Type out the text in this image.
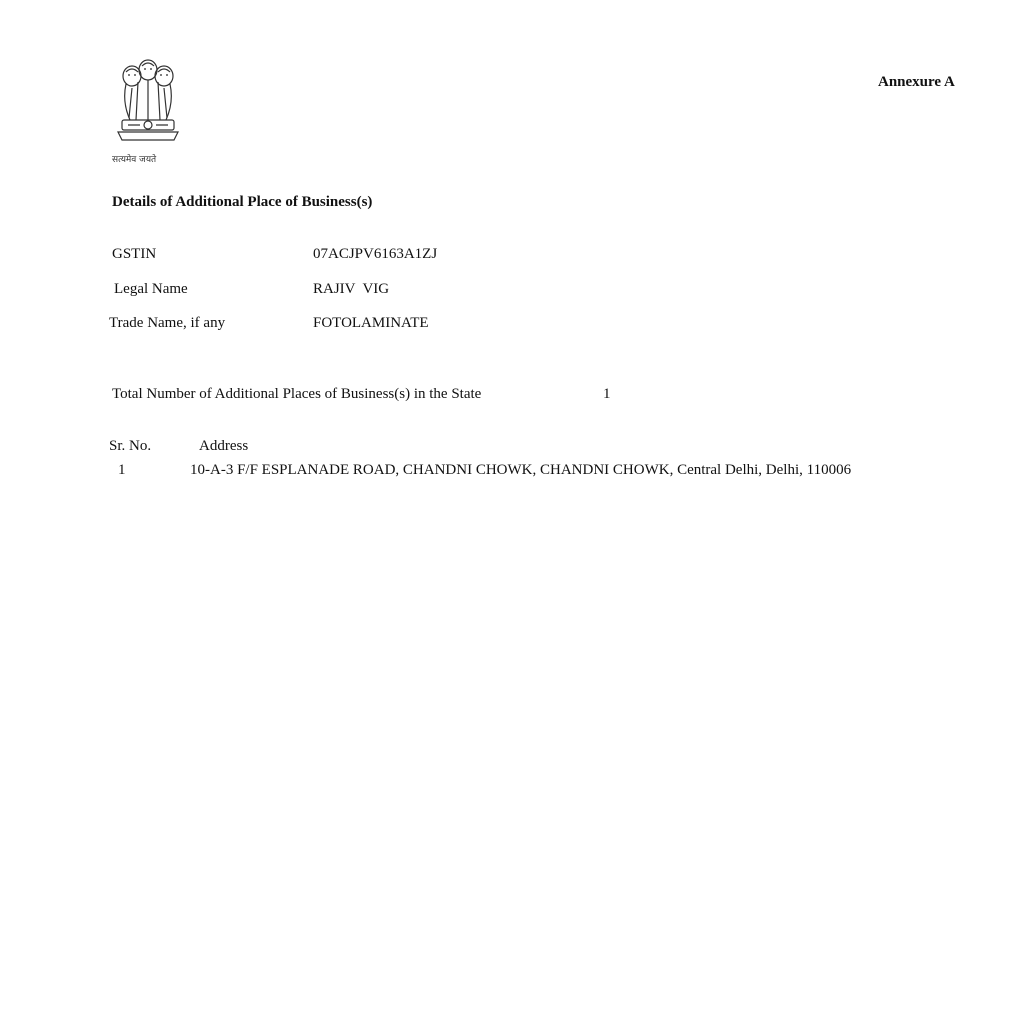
सत्यमेव जयते
Annexure A
Details of Additional Place of Business(s)
GSTIN	07ACJPV6163A1ZJ
Legal Name	RAJIV  VIG
Trade Name, if any	FOTOLAMINATE
Total Number of Additional Places of Business(s) in the State	1
Sr. No.	Address
1	10-A-3 F/F ESPLANADE ROAD, CHANDNI CHOWK, CHANDNI CHOWK, Central Delhi, Delhi, 110006
